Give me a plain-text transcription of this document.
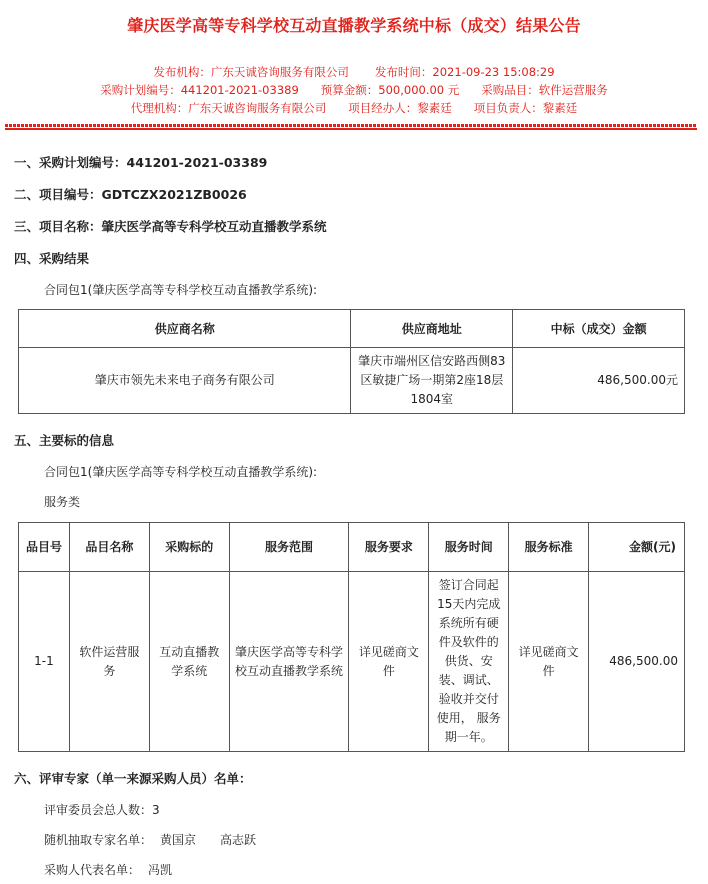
肇庆医学高等专科学校互动直播教学系统中标（成交）结果公告
发布机构：广东天诚咨询服务有限公司 发布时间：2021-09-23 15:08:29
采购计划编号：441201-2021-03389 预算金额：500,000.00 元 采购品目：软件运营服务
代理机构：广东天诚咨询服务有限公司 项目经办人：黎素廷 项目负责人：黎素廷
一、采购计划编号：441201-2021-03389
二、项目编号：GDTCZX2021ZB0026
三、项目名称：肇庆医学高等专科学校互动直播教学系统
四、采购结果
合同包1(肇庆医学高等专科学校互动直播教学系统):
供应商名称	供应商地址	中标（成交）金额
肇庆市领先未来电子商务有限公司	肇庆市端州区信安路西侧83区敏捷广场一期第2座18层1804室	486,500.00元
五、主要标的信息
合同包1(肇庆医学高等专科学校互动直播教学系统):
服务类
品目号	品目名称	采购标的	服务范围	服务要求	服务时间	服务标准	金额(元)
1-1	软件运营服务	互动直播教学系统	肇庆医学高等专科学校互动直播教学系统	详见磋商文件	签订合同起15天内完成系统所有硬件及软件的供货、安装、调试、验收并交付使用， 服务期一年。	详见磋商文件	486,500.00
六、评审专家（单一来源采购人员）名单：
评审委员会总人数：3
随机抽取专家名单： 黄国京 高志跃
采购人代表名单： 冯凯
